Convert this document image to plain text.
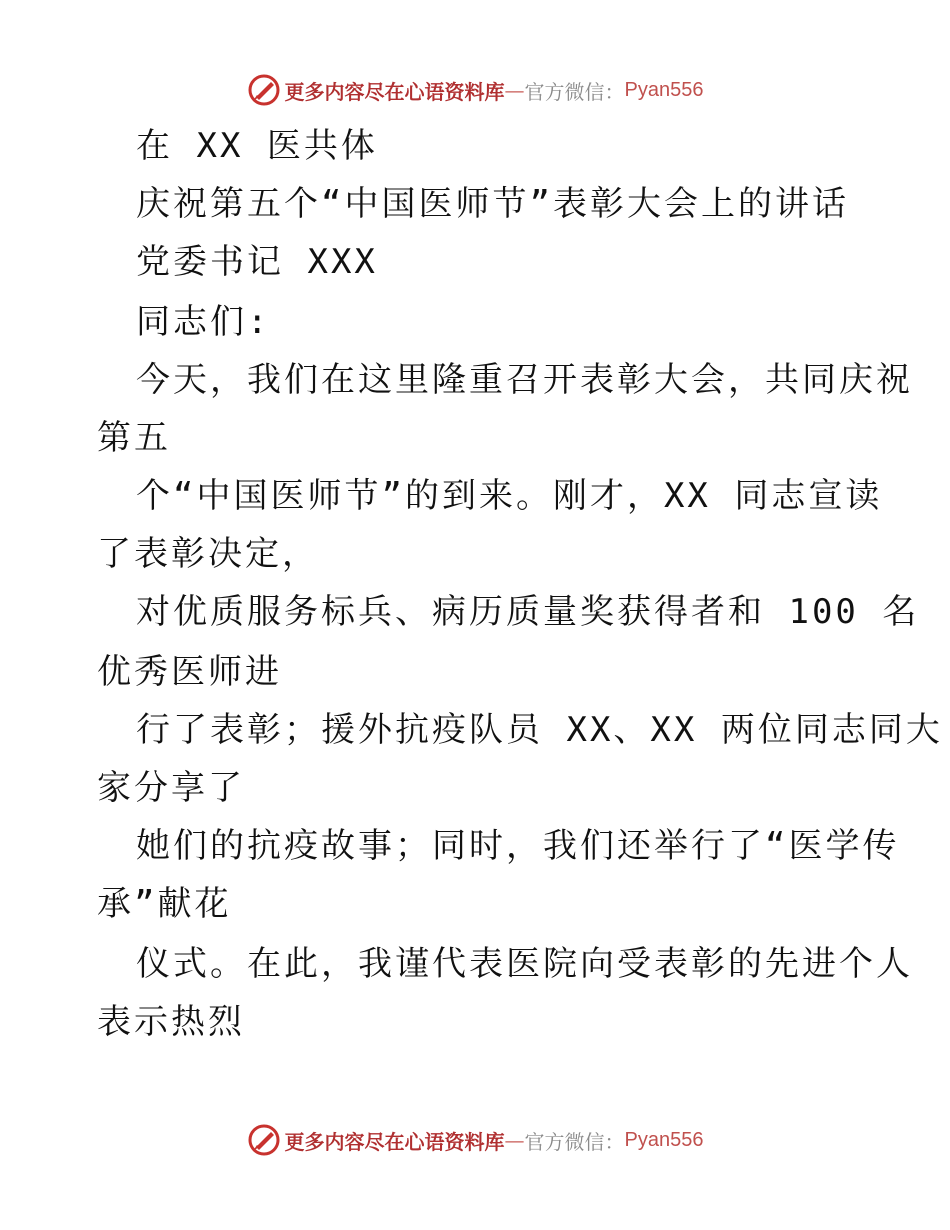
更多内容尽在心语资料库 — 官方微信： Pyan556
在 XX 医共体
庆祝第五个“中国医师节”表彰大会上的讲话
党委书记 XXX
同志们:
今天，我们在这里隆重召开表彰大会，共同庆祝
第五
个“中国医师节”的到来。刚才，XX 同志宣读
了表彰决定，
对优质服务标兵、病历质量奖获得者和 100 名
优秀医师进
行了表彰；援外抗疫队员 XX、XX 两位同志同大
家分享了
她们的抗疫故事；同时，我们还举行了“医学传
承”献花
仪式。在此，我谨代表医院向受表彰的先进个人
表示热烈
更多内容尽在心语资料库 — 官方微信： Pyan556
